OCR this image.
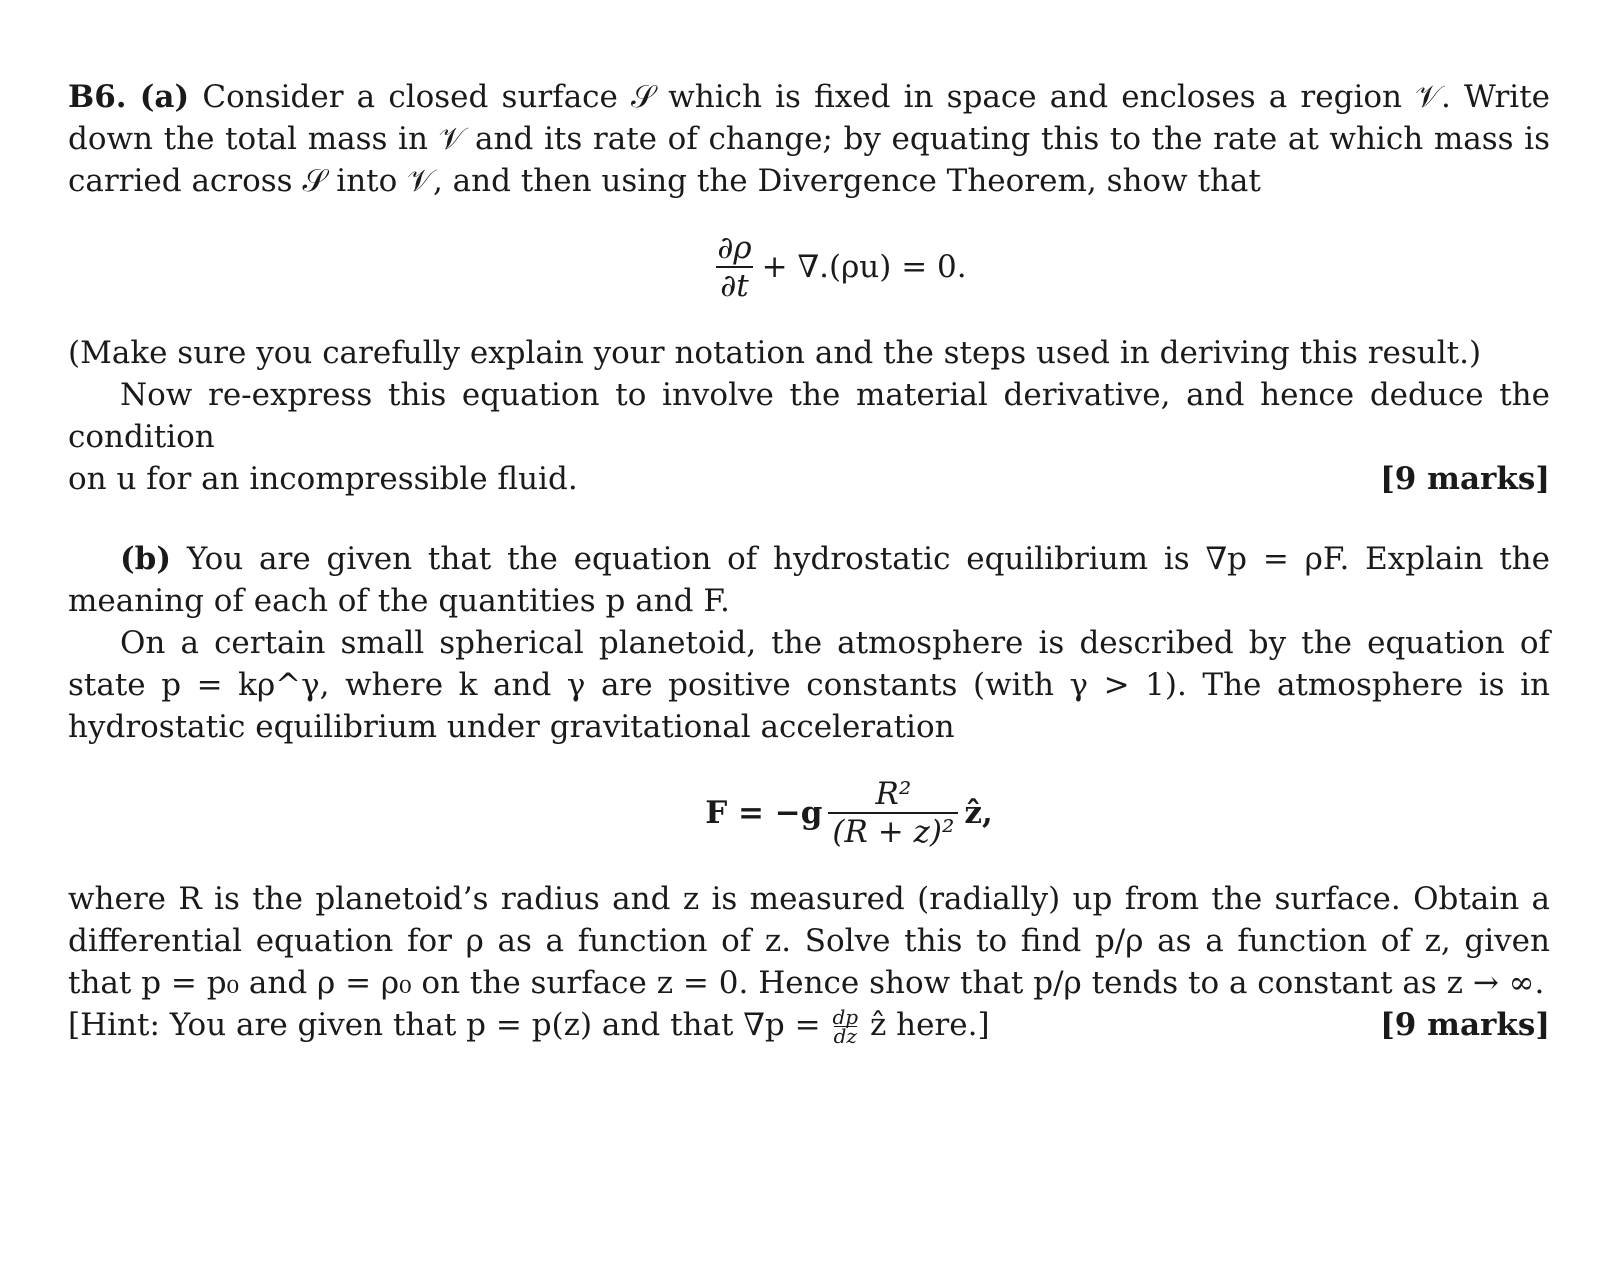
B6. (a) Consider a closed surface 𝒮 which is fixed in space and encloses a region 𝒱. Write down the total mass in 𝒱 and its rate of change; by equating this to the rate at which mass is carried across 𝒮 into 𝒱, and then using the Divergence Theorem, show that

$\frac{\partial\rho}{\partial t} + \nabla.(\rho u) = 0$.

(Make sure you carefully explain your notation and the steps used in deriving this result.)

Now re-express this equation to involve the material derivative, and hence deduce the condition

on u for an incompressible fluid.	[9 marks]

(b) You are given that the equation of hydrostatic equilibrium is ∇p = ρF. Explain the meaning of each of the quantities p and F.

On a certain small spherical planetoid, the atmosphere is described by the equation of state p = kρ^γ, where k and γ are positive constants (with γ > 1). The atmosphere is in hydrostatic equilibrium under gravitational acceleration

$F = -g \frac{\text{R²}}{\text{(R + z)²}}$ ẑ,

where R is the planetoid’s radius and z is measured (radially) up from the surface. Obtain a differential equation for ρ as a function of z. Solve this to find p/ρ as a function of z, given that p = p₀ and ρ = ρ₀ on the surface z = 0. Hence show that p/ρ tends to a constant as z → ∞.

[Hint: You are given that p = p(z) and that $\nabla p = \frac{dp}{dz}$ ẑ here.]	[9 marks]
